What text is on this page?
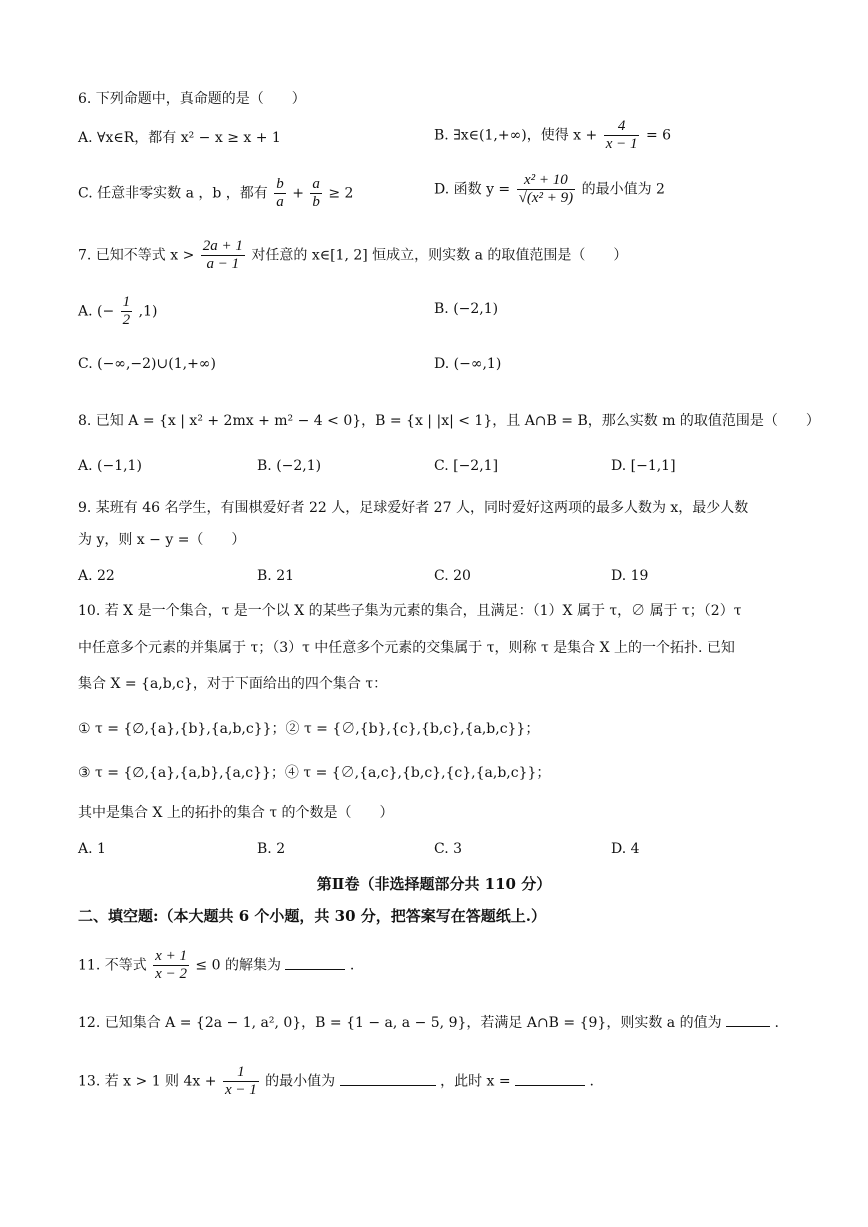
6. 下列命题中，真命题的是（　　）
A. ∀x∈R，都有 x² − x ≥ x + 1	B. ∃x∈(1,+∞)，使得 $x + \frac{4}{x - 1} = 6$
C. 任意非零实数 a ，b ，都有 $\frac{b}{a} + \frac{a}{b} \ge 2$	D. 函数 $y = \frac{\text{x² + 10}}{\text{√(x² + 9)}}$ 的最小值为 2
7. 已知不等式 $x > \frac{2a + 1}{a - 1}$ 对任意的 x∈[1, 2] 恒成立，则实数 a 的取值范围是（　　）
A. (− $\frac{1}{2} ,1$)	B. (−2,1)
C. (−∞,−2)∪(1,+∞)	D. (−∞,1)
8. 已知 A = {x | x² + 2mx + m² − 4 < 0}，B = {x | |x| < 1}，且 A∩B = B，那么实数 m 的取值范围是（　　）
A. (−1,1)	B. (−2,1)	C. [−2,1]	D. [−1,1]
9. 某班有 46 名学生，有围棋爱好者 22 人，足球爱好者 27 人，同时爱好这两项的最多人数为 x，最少人数
为 y，则 x − y =（　　）
A. 22	B. 21	C. 20	D. 19
10. 若 X 是一个集合，τ 是一个以 X 的某些子集为元素的集合，且满足：（1）X 属于 τ，∅ 属于 τ；（2）τ
中任意多个元素的并集属于 τ；（3）τ 中任意多个元素的交集属于 τ，则称 τ 是集合 X 上的一个拓扑. 已知
集合 X = {a,b,c}，对于下面给出的四个集合 τ：
① τ = {∅,{a},{b},{a,b,c}}；② τ = {∅,{b},{c},{b,c},{a,b,c}}；
③ τ = {∅,{a},{a,b},{a,c}}；④ τ = {∅,{a,c},{b,c},{c},{a,b,c}}；
其中是集合 X 上的拓扑的集合 τ 的个数是（　　）
A. 1	B. 2	C. 3	D. 4
第Ⅱ卷（非选择题部分共 110 分）
二、填空题:（本大题共 6 个小题，共 30 分，把答案写在答题纸上.）
11. 不等式 $\frac{x + 1}{x - 2} \le 0$ 的解集为	.
12. 已知集合 A = {2a − 1, a², 0}，B = {1 − a, a − 5, 9}，若满足 A∩B = {9}，则实数 a 的值为	.
13. 若 x > 1 则 $4x + \frac{1}{x - 1}$ 的最小值为	，此时 x =	.
